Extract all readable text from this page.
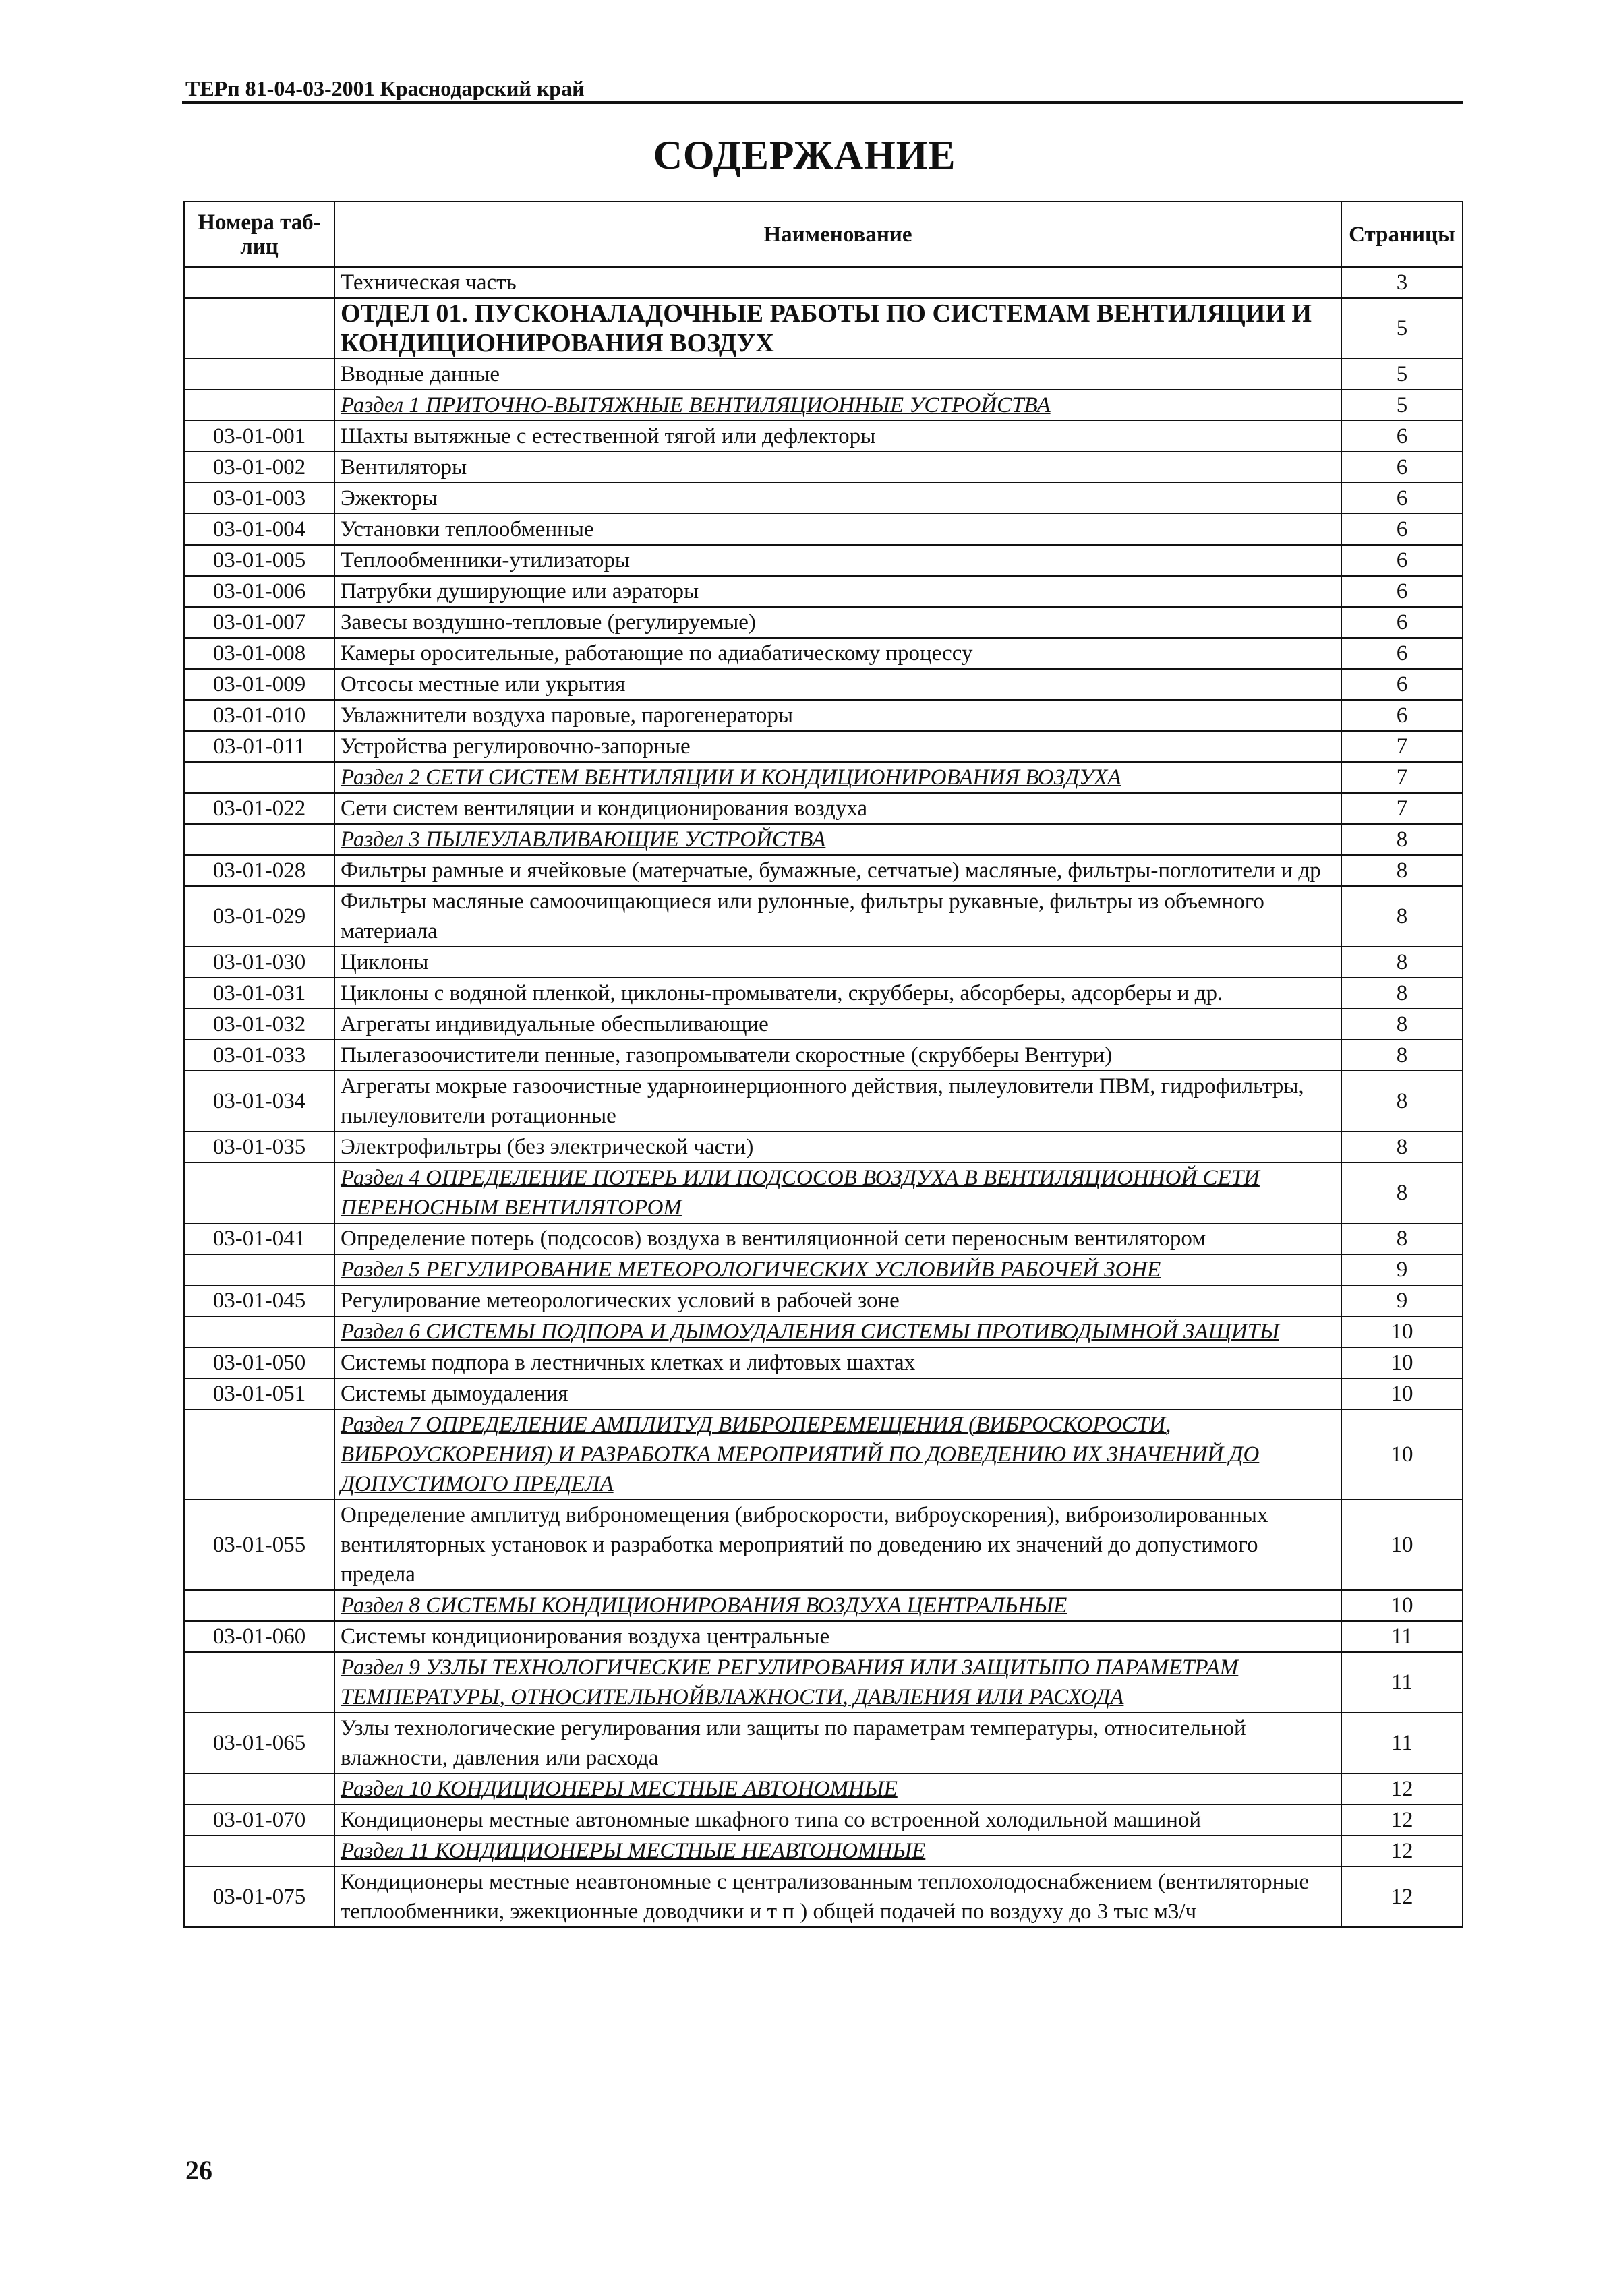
ТЕРп 81-04-03-2001 Краснодарский край
СОДЕРЖАНИЕ
Номера таб-лиц	Наименование	Страницы
	Техническая часть	3
	ОТДЕЛ 01. ПУСКОНАЛАДОЧНЫЕ РАБОТЫ ПО СИСТЕМАМ ВЕНТИЛЯЦИИ И КОНДИЦИОНИРОВАНИЯ ВОЗДУХ	5
	Вводные данные	5
	Раздел 1 ПРИТОЧНО-ВЫТЯЖНЫЕ ВЕНТИЛЯЦИОННЫЕ УСТРОЙСТВА	5
03-01-001	Шахты вытяжные с естественной тягой или дефлекторы	6
03-01-002	Вентиляторы	6
03-01-003	Эжекторы	6
03-01-004	Установки теплообменные	6
03-01-005	Теплообменники-утилизаторы	6
03-01-006	Патрубки душирующие или аэраторы	6
03-01-007	Завесы воздушно-тепловые (регулируемые)	6
03-01-008	Камеры оросительные, работающие по адиабатическому процессу	6
03-01-009	Отсосы местные или укрытия	6
03-01-010	Увлажнители воздуха паровые, парогенераторы	6
03-01-011	Устройства регулировочно-запорные	7
	Раздел 2 СЕТИ СИСТЕМ ВЕНТИЛЯЦИИ И КОНДИЦИОНИРОВАНИЯ ВОЗДУХА	7
03-01-022	Сети систем вентиляции и кондиционирования воздуха	7
	Раздел 3 ПЫЛЕУЛАВЛИВАЮЩИЕ УСТРОЙСТВА	8
03-01-028	Фильтры рамные и ячейковые (матерчатые, бумажные, сетчатые) масляные, фильтры-поглотители и др	8
03-01-029	Фильтры масляные самоочищающиеся или рулонные, фильтры рукавные, фильтры из объемного материала	8
03-01-030	Циклоны	8
03-01-031	Циклоны с водяной пленкой, циклоны-промыватели, скрубберы, абсорберы, адсорберы и др.	8
03-01-032	Агрегаты индивидуальные обеспыливающие	8
03-01-033	Пылегазоочистители пенные, газопромыватели скоростные (скрубберы Вентури)	8
03-01-034	Агрегаты мокрые газоочистные ударноинерционного действия, пылеуловители ПВМ, гидрофильтры, пылеуловители ротационные	8
03-01-035	Электрофильтры (без электрической части)	8
	Раздел 4 ОПРЕДЕЛЕНИЕ ПОТЕРЬ ИЛИ ПОДСОСОВ ВОЗДУХА В ВЕНТИЛЯЦИОННОЙ СЕТИ ПЕРЕНОСНЫМ ВЕНТИЛЯТОРОМ	8
03-01-041	Определение потерь (подсосов) воздуха в вентиляционной сети переносным вентилятором	8
	Раздел 5 РЕГУЛИРОВАНИЕ МЕТЕОРОЛОГИЧЕСКИХ УСЛОВИЙВ РАБОЧЕЙ ЗОНЕ	9
03-01-045	Регулирование метеорологических условий в рабочей зоне	9
	Раздел 6 СИСТЕМЫ ПОДПОРА И ДЫМОУДАЛЕНИЯ СИСТЕМЫ ПРОТИВОДЫМНОЙ ЗАЩИТЫ	10
03-01-050	Системы подпора в лестничных клетках и лифтовых шахтах	10
03-01-051	Системы дымоудаления	10
	Раздел 7 ОПРЕДЕЛЕНИЕ АМПЛИТУД ВИБРОПЕРЕМЕЩЕНИЯ (ВИБРОСКОРОСТИ, ВИБРОУСКОРЕНИЯ) И РАЗРАБОТКА МЕРОПРИЯТИЙ ПО ДОВЕДЕНИЮ ИХ ЗНАЧЕНИЙ ДО ДОПУСТИМОГО ПРЕДЕЛА	10
03-01-055	Определение амплитуд виброномещения (виброскорости, виброускорения), виброизолированных вентиляторных установок и разработка мероприятий по доведению их значений до допустимого предела	10
	Раздел 8 СИСТЕМЫ КОНДИЦИОНИРОВАНИЯ ВОЗДУХА ЦЕНТРАЛЬНЫЕ	10
03-01-060	Системы кондиционирования воздуха центральные	11
	Раздел 9 УЗЛЫ ТЕХНОЛОГИЧЕСКИЕ РЕГУЛИРОВАНИЯ ИЛИ ЗАЩИТЫПО ПАРАМЕТРАМ ТЕМПЕРАТУРЫ, ОТНОСИТЕЛЬНОЙВЛАЖНОСТИ, ДАВЛЕНИЯ ИЛИ РАСХОДА	11
03-01-065	Узлы технологические регулирования или защиты по параметрам температуры, относительной влажности, давления или расхода	11
	Раздел 10 КОНДИЦИОНЕРЫ МЕСТНЫЕ АВТОНОМНЫЕ	12
03-01-070	Кондиционеры местные автономные шкафного типа со встроенной холодильной машиной	12
	Раздел 11 КОНДИЦИОНЕРЫ МЕСТНЫЕ НЕАВТОНОМНЫЕ	12
03-01-075	Кондиционеры местные неавтономные с централизованным теплохолодоснабжением (вентиляторные теплообменники, эжекционные доводчики и т п ) общей подачей по воздуху до 3 тыс м3/ч	12
26
